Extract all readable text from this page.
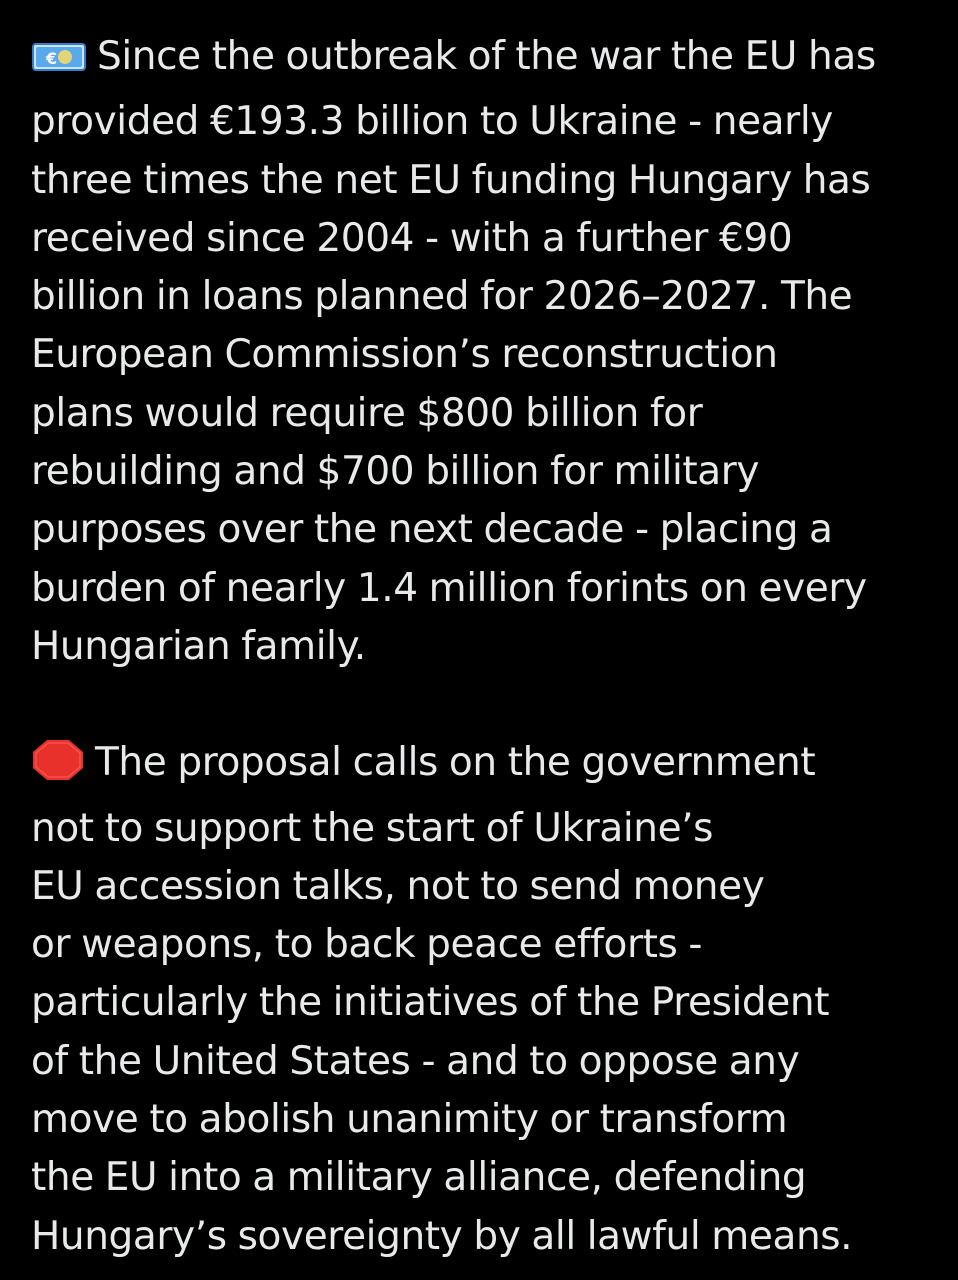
€ Since the outbreak of the war the EU has
provided €193.3 billion to Ukraine - nearly
three times the net EU funding Hungary has
received since 2004 - with a further €90
billion in loans planned for 2026–2027. The
European Commission’s reconstruction
plans would require $800 billion for
rebuilding and $700 billion for military
purposes over the next decade - placing a
burden of nearly 1.4 million forints on every
Hungarian family.

The proposal calls on the government
not to support the start of Ukraine’s
EU accession talks, not to send money
or weapons, to back peace efforts -
particularly the initiatives of the President
of the United States - and to oppose any
move to abolish unanimity or transform
the EU into a military alliance, defending
Hungary’s sovereignty by all lawful means.
